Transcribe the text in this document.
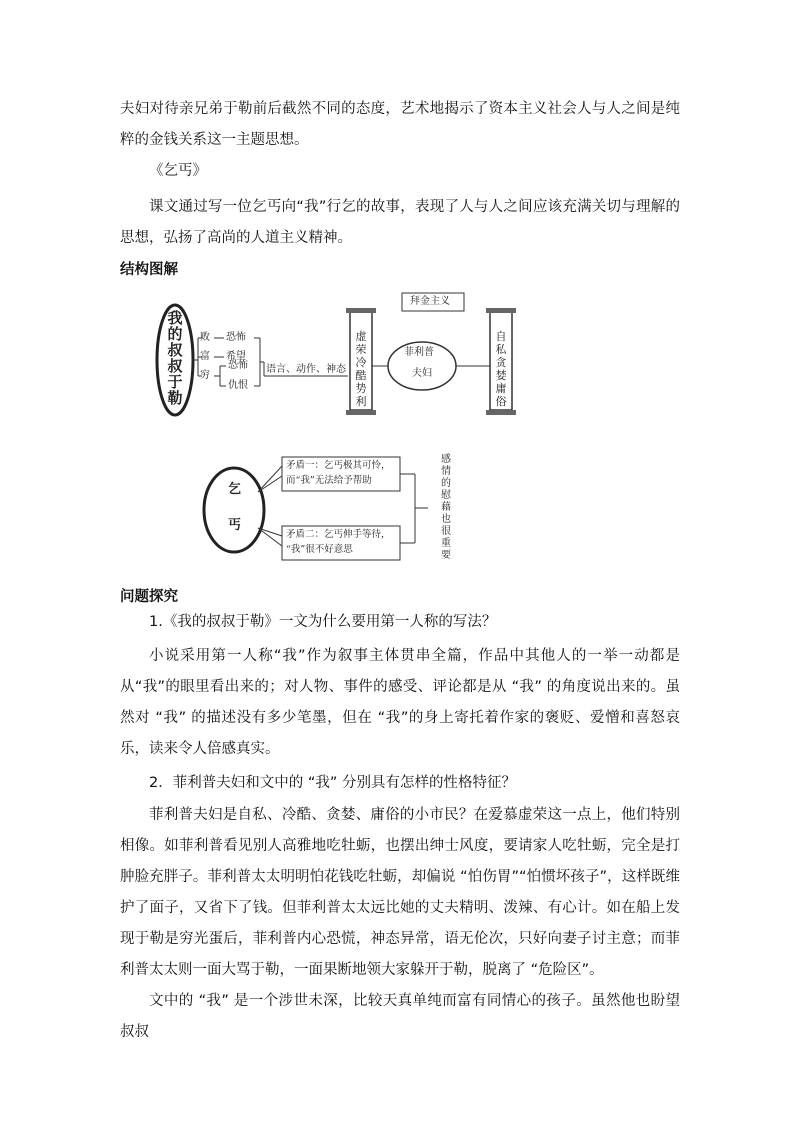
夫妇对待亲兄弟于勒前后截然不同的态度，艺术地揭示了资本主义社会人与人之间是纯粹的金钱关系这一主题思想。

《乞丐》

课文通过写一位乞丐向“我”行乞的故事，表现了人与人之间应该充满关切与理解的思想，弘扬了高尚的人道主义精神。

结构图解

我的叔叔于勒
败
富
穷
恐怖
希望
恐怖
仇恨
语言、动作、神态
虚荣冷酷势利
菲利普
夫妇
拜金主义
自私贪婪庸俗
乞
丐
矛盾一：乞丐极其可怜，
而“我”无法给予帮助
矛盾二：乞丐伸手等待，
“我”很不好意思
感情的慰藉也很重要

问题探究

1.《我的叔叔于勒》一文为什么要用第一人称的写法？

小说采用第一人称“我”作为叙事主体贯串全篇，作品中其他人的一举一动都是从“我”的眼里看出来的；对人物、事件的感受、评论都是从 “我” 的角度说出来的。虽然对 “我” 的描述没有多少笔墨，但在 “我”的身上寄托着作家的褒贬、爱憎和喜怒哀乐，读来令人倍感真实。

2．菲利普夫妇和文中的 “我” 分别具有怎样的性格特征？

菲利普夫妇是自私、冷酷、贪婪、庸俗的小市民？在爱慕虚荣这一点上，他们特别相像。如菲利普看见别人高雅地吃牡蛎，也摆出绅士风度，要请家人吃牡蛎，完全是打肿脸充胖子。菲利普太太明明怕花钱吃牡蛎，却偏说 “怕伤胃”“怕惯坏孩子”，这样既维护了面子，又省下了钱。但菲利普太太远比她的丈夫精明、泼辣、有心计。如在船上发现于勒是穷光蛋后，菲利普内心恐慌，神态异常，语无伦次，只好向妻子讨主意；而菲利普太太则一面大骂于勒，一面果断地领大家躲开于勒，脱离了 “危险区”。

文中的 “我” 是一个涉世未深，比较天真单纯而富有同情心的孩子。虽然他也盼望叔叔
